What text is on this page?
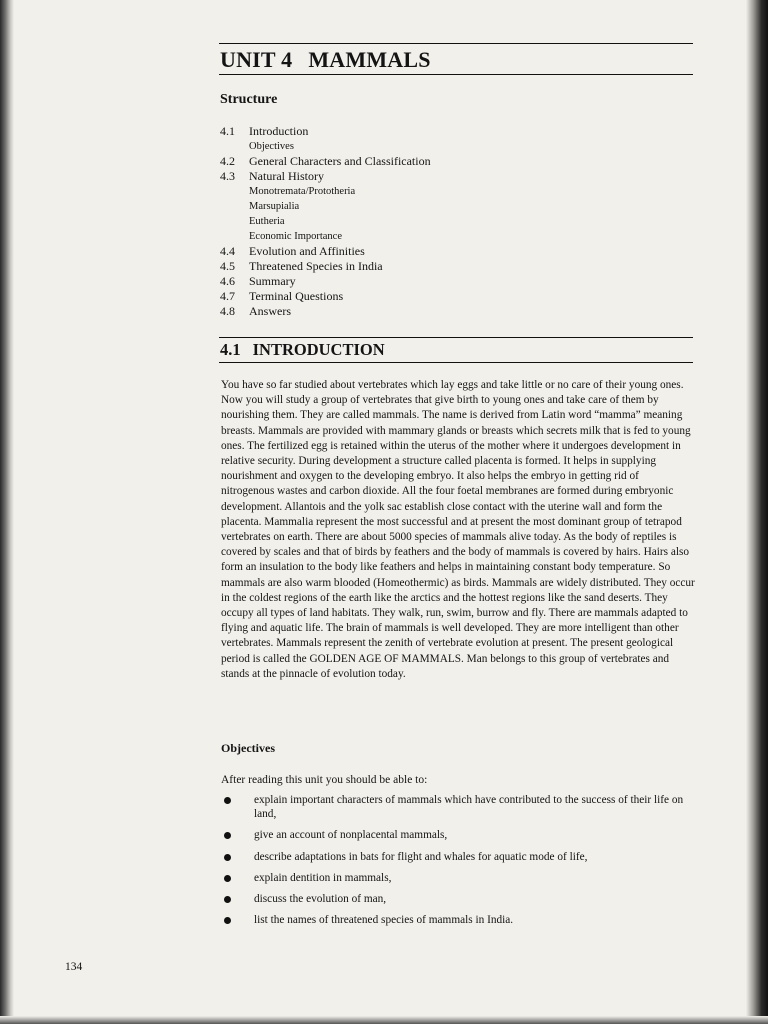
UNIT 4 MAMMALS
Structure
4.1	Introduction
Objectives
4.2	General Characters and Classification
4.3	Natural History
Monotremata/Prototheria
Marsupialia
Eutheria
Economic Importance
4.4	Evolution and Affinities
4.5	Threatened Species in India
4.6	Summary
4.7	Terminal Questions
4.8	Answers
4.1 INTRODUCTION

You have so far studied about vertebrates which lay eggs and take little or no care of their young ones. Now you will study a group of vertebrates that give birth to young ones and take care of them by nourishing them. They are called mammals. The name is derived from Latin word “mamma” meaning breasts. Mammals are provided with mammary glands or breasts which secrets milk that is fed to young ones. The fertilized egg is retained within the uterus of the mother where it undergoes development in relative security. During development a structure called placenta is formed. It helps in supplying nourishment and oxygen to the developing embryo. It also helps the embryo in getting rid of nitrogenous wastes and carbon dioxide. All the four foetal membranes are formed during embryonic development. Allantois and the yolk sac establish close contact with the uterine wall and form the placenta. Mammalia represent the most successful and at present the most dominant group of tetrapod vertebrates on earth. There are about 5000 species of mammals alive today. As the body of reptiles is covered by scales and that of birds by feathers and the body of mammals is covered by hairs. Hairs also form an insulation to the body like feathers and helps in maintaining constant body temperature. So mammals are also warm blooded (Homeothermic) as birds. Mammals are widely distributed. They occur in the coldest regions of the earth like the arctics and the hottest regions like the sand deserts. They occupy all types of land habitats. They walk, run, swim, burrow and fly. There are mammals adapted to flying and aquatic life. The brain of mammals is well developed. They are more intelligent than other vertebrates. Mammals represent the zenith of vertebrate evolution at present. The present geological period is called the GOLDEN AGE OF MAMMALS. Man belongs to this group of vertebrates and stands at the pinnacle of evolution today.

Objectives

After reading this unit you should be able to:

explain important characters of mammals which have contributed to the success of their life on land,
give an account of nonplacental mammals,
describe adaptations in bats for flight and whales for aquatic mode of life,
explain dentition in mammals,
discuss the evolution of man,
list the names of threatened species of mammals in India.

134
